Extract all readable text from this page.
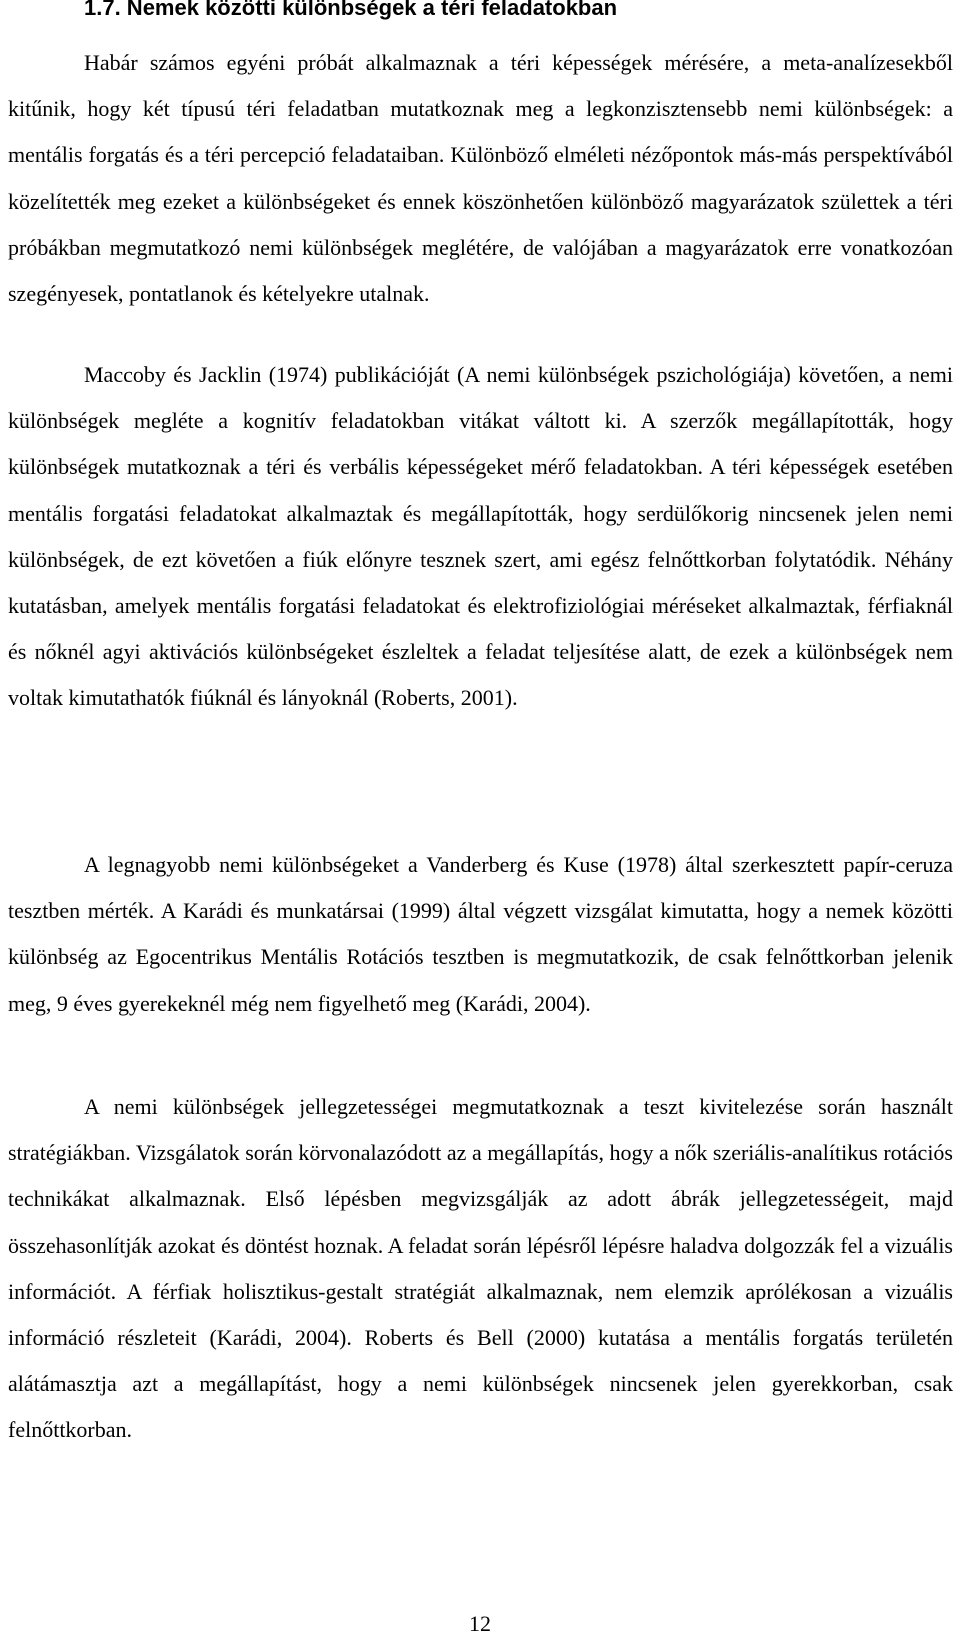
1.7. Nemek közötti különbségek a téri feladatokban

Habár számos egyéni próbát alkalmaznak a téri képességek mérésére, a meta-analízesekből kitűnik, hogy két típusú téri feladatban mutatkoznak meg a legkonzisztensebb nemi különbségek: a mentális forgatás és a téri percepció feladataiban. Különböző elméleti nézőpontok más-más perspektívából közelítették meg ezeket a különbségeket és ennek köszönhetően különböző magyarázatok születtek a téri próbákban megmutatkozó nemi különbségek meglétére, de valójában a magyarázatok erre vonatkozóan szegényesek, pontatlanok és kételyekre utalnak.

Maccoby és Jacklin (1974) publikációját (A nemi különbségek pszichológiája) követően, a nemi különbségek megléte a kognitív feladatokban vitákat váltott ki. A szerzők megállapították, hogy különbségek mutatkoznak a téri és verbális képességeket mérő feladatokban. A téri képességek esetében mentális forgatási feladatokat alkalmaztak és megállapították, hogy serdülőkorig nincsenek jelen nemi különbségek, de ezt követően a fiúk előnyre tesznek szert, ami egész felnőttkorban folytatódik. Néhány kutatásban, amelyek mentális forgatási feladatokat és elektrofiziológiai méréseket alkalmaztak, férfiaknál és nőknél agyi aktivációs különbségeket észleltek a feladat teljesítése alatt, de ezek a különbségek nem voltak kimutathatók fiúknál és lányoknál (Roberts, 2001).

A legnagyobb nemi különbségeket a Vanderberg és Kuse (1978) által szerkesztett papír-ceruza tesztben mérték. A Karádi és munkatársai (1999) által végzett vizsgálat kimutatta, hogy a nemek közötti különbség az Egocentrikus Mentális Rotációs tesztben is megmutatkozik, de csak felnőttkorban jelenik meg, 9 éves gyerekeknél még nem figyelhető meg (Karádi, 2004).

A nemi különbségek jellegzetességei megmutatkoznak a teszt kivitelezése során használt stratégiákban. Vizsgálatok során körvonalazódott az a megállapítás, hogy a nők szeriális-analítikus rotációs technikákat alkalmaznak. Első lépésben megvizsgálják az adott ábrák jellegzetességeit, majd összehasonlítják azokat és döntést hoznak. A feladat során lépésről lépésre haladva dolgozzák fel a vizuális információt. A férfiak holisztikus-gestalt stratégiát alkalmaznak, nem elemzik aprólékosan a vizuális információ részleteit (Karádi, 2004). Roberts és Bell (2000) kutatása a mentális forgatás területén alátámasztja azt a megállapítást, hogy a nemi különbségek nincsenek jelen gyerekkorban, csak felnőttkorban.

12
